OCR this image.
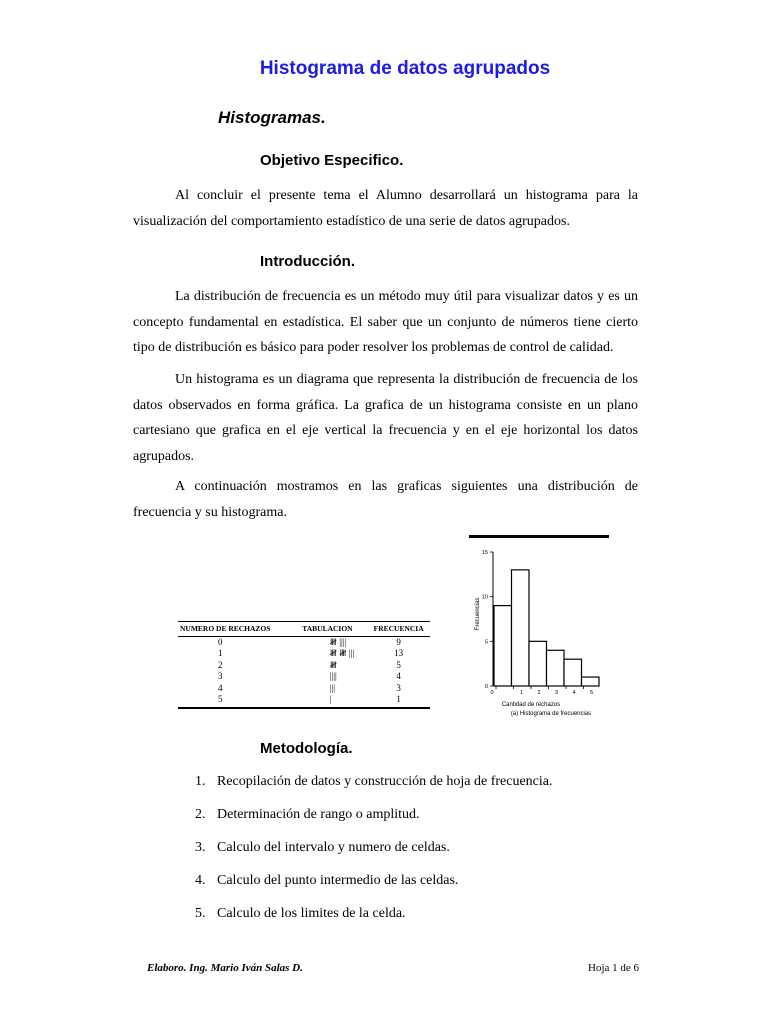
Histograma de datos agrupados
Histogramas.
Objetivo Especifico.

Al concluir el presente tema el Alumno desarrollará un histograma para la visualización del comportamiento estadístico de una serie de datos agrupados.

Introducción.

La distribución de frecuencia es un método muy útil para visualizar datos y es un concepto fundamental en estadística. El saber que un conjunto de números tiene cierto tipo de distribución es básico para poder resolver los problemas de control de calidad.

Un histograma es un diagrama que representa la distribución de frecuencia de los datos observados en forma gráfica. La grafica de un histograma consiste en un plano cartesiano que grafica en el eje vertical la frecuencia y en el eje horizontal los datos agrupados.

A continuación mostramos en las graficas siguientes una distribución de frecuencia y su histograma.

NUMERO DE RECHAZOS	TABULACION	FRECUENCIA
0	𝍸 ||||	9
1	𝍸 𝍸 |||	13
2	𝍸	5
3	||||	4
4	|||	3
5	|	1
0
5
10
15
0	1	2	3	4	5
Frecuencias
Cantidad de rechazos
(a) Histograma de frecuencias
Metodología.
1. Recopilación de datos y construcción de hoja de frecuencia.
2. Determinación de rango o amplitud.
3. Calculo del intervalo y numero de celdas.
4. Calculo del punto intermedio de las celdas.
5. Calculo de los limites de la celda.
Elaboro. Ing. Mario Iván Salas D.	Hoja 1 de 6
